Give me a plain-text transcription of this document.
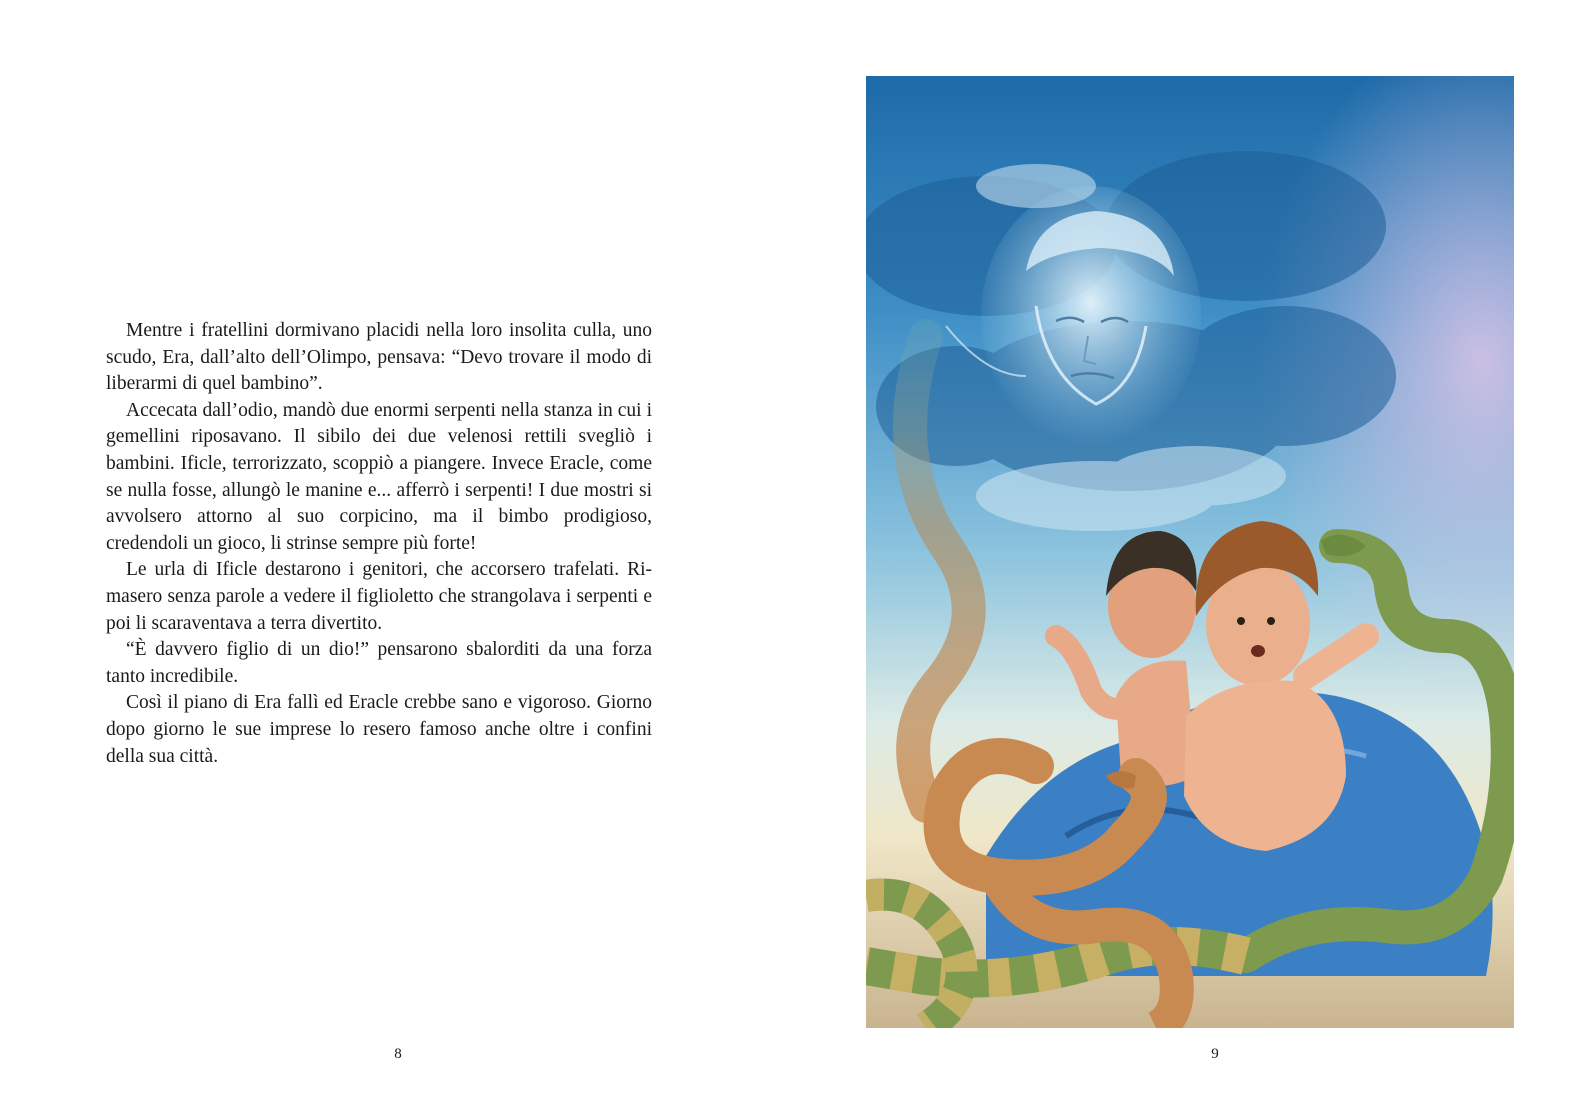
Mentre i fratellini dormivano placidi nella loro insolita culla, uno scudo, Era, dall’alto dell’Olimpo, pensava: “Devo trovare il modo di liberarmi di quel bambino”.

Accecata dall’odio, mandò due enormi serpenti nella stanza in cui i gemellini riposavano. Il sibilo dei due velenosi rettili svegliò i bambini. Ificle, terrorizzato, scoppiò a piangere. Invece Eracle, come se nulla fosse, allungò le manine e... afferrò i serpenti! I due mostri si avvolsero attorno al suo corpicino, ma il bimbo prodigioso, credendoli un gioco, li strinse sempre più forte!

Le urla di Ificle destarono i genitori, che accorsero trafelati. Rimasero senza parole a vedere il figlioletto che strangolava i serpenti e poi li scaraventava a terra divertito.

“È davvero figlio di un dio!” pensarono sbalorditi da una forza tanto incredibile.

Così il piano di Era fallì ed Eracle crebbe sano e vigoroso. Giorno dopo giorno le sue imprese lo resero famoso anche oltre i confini della sua città.

8	9
